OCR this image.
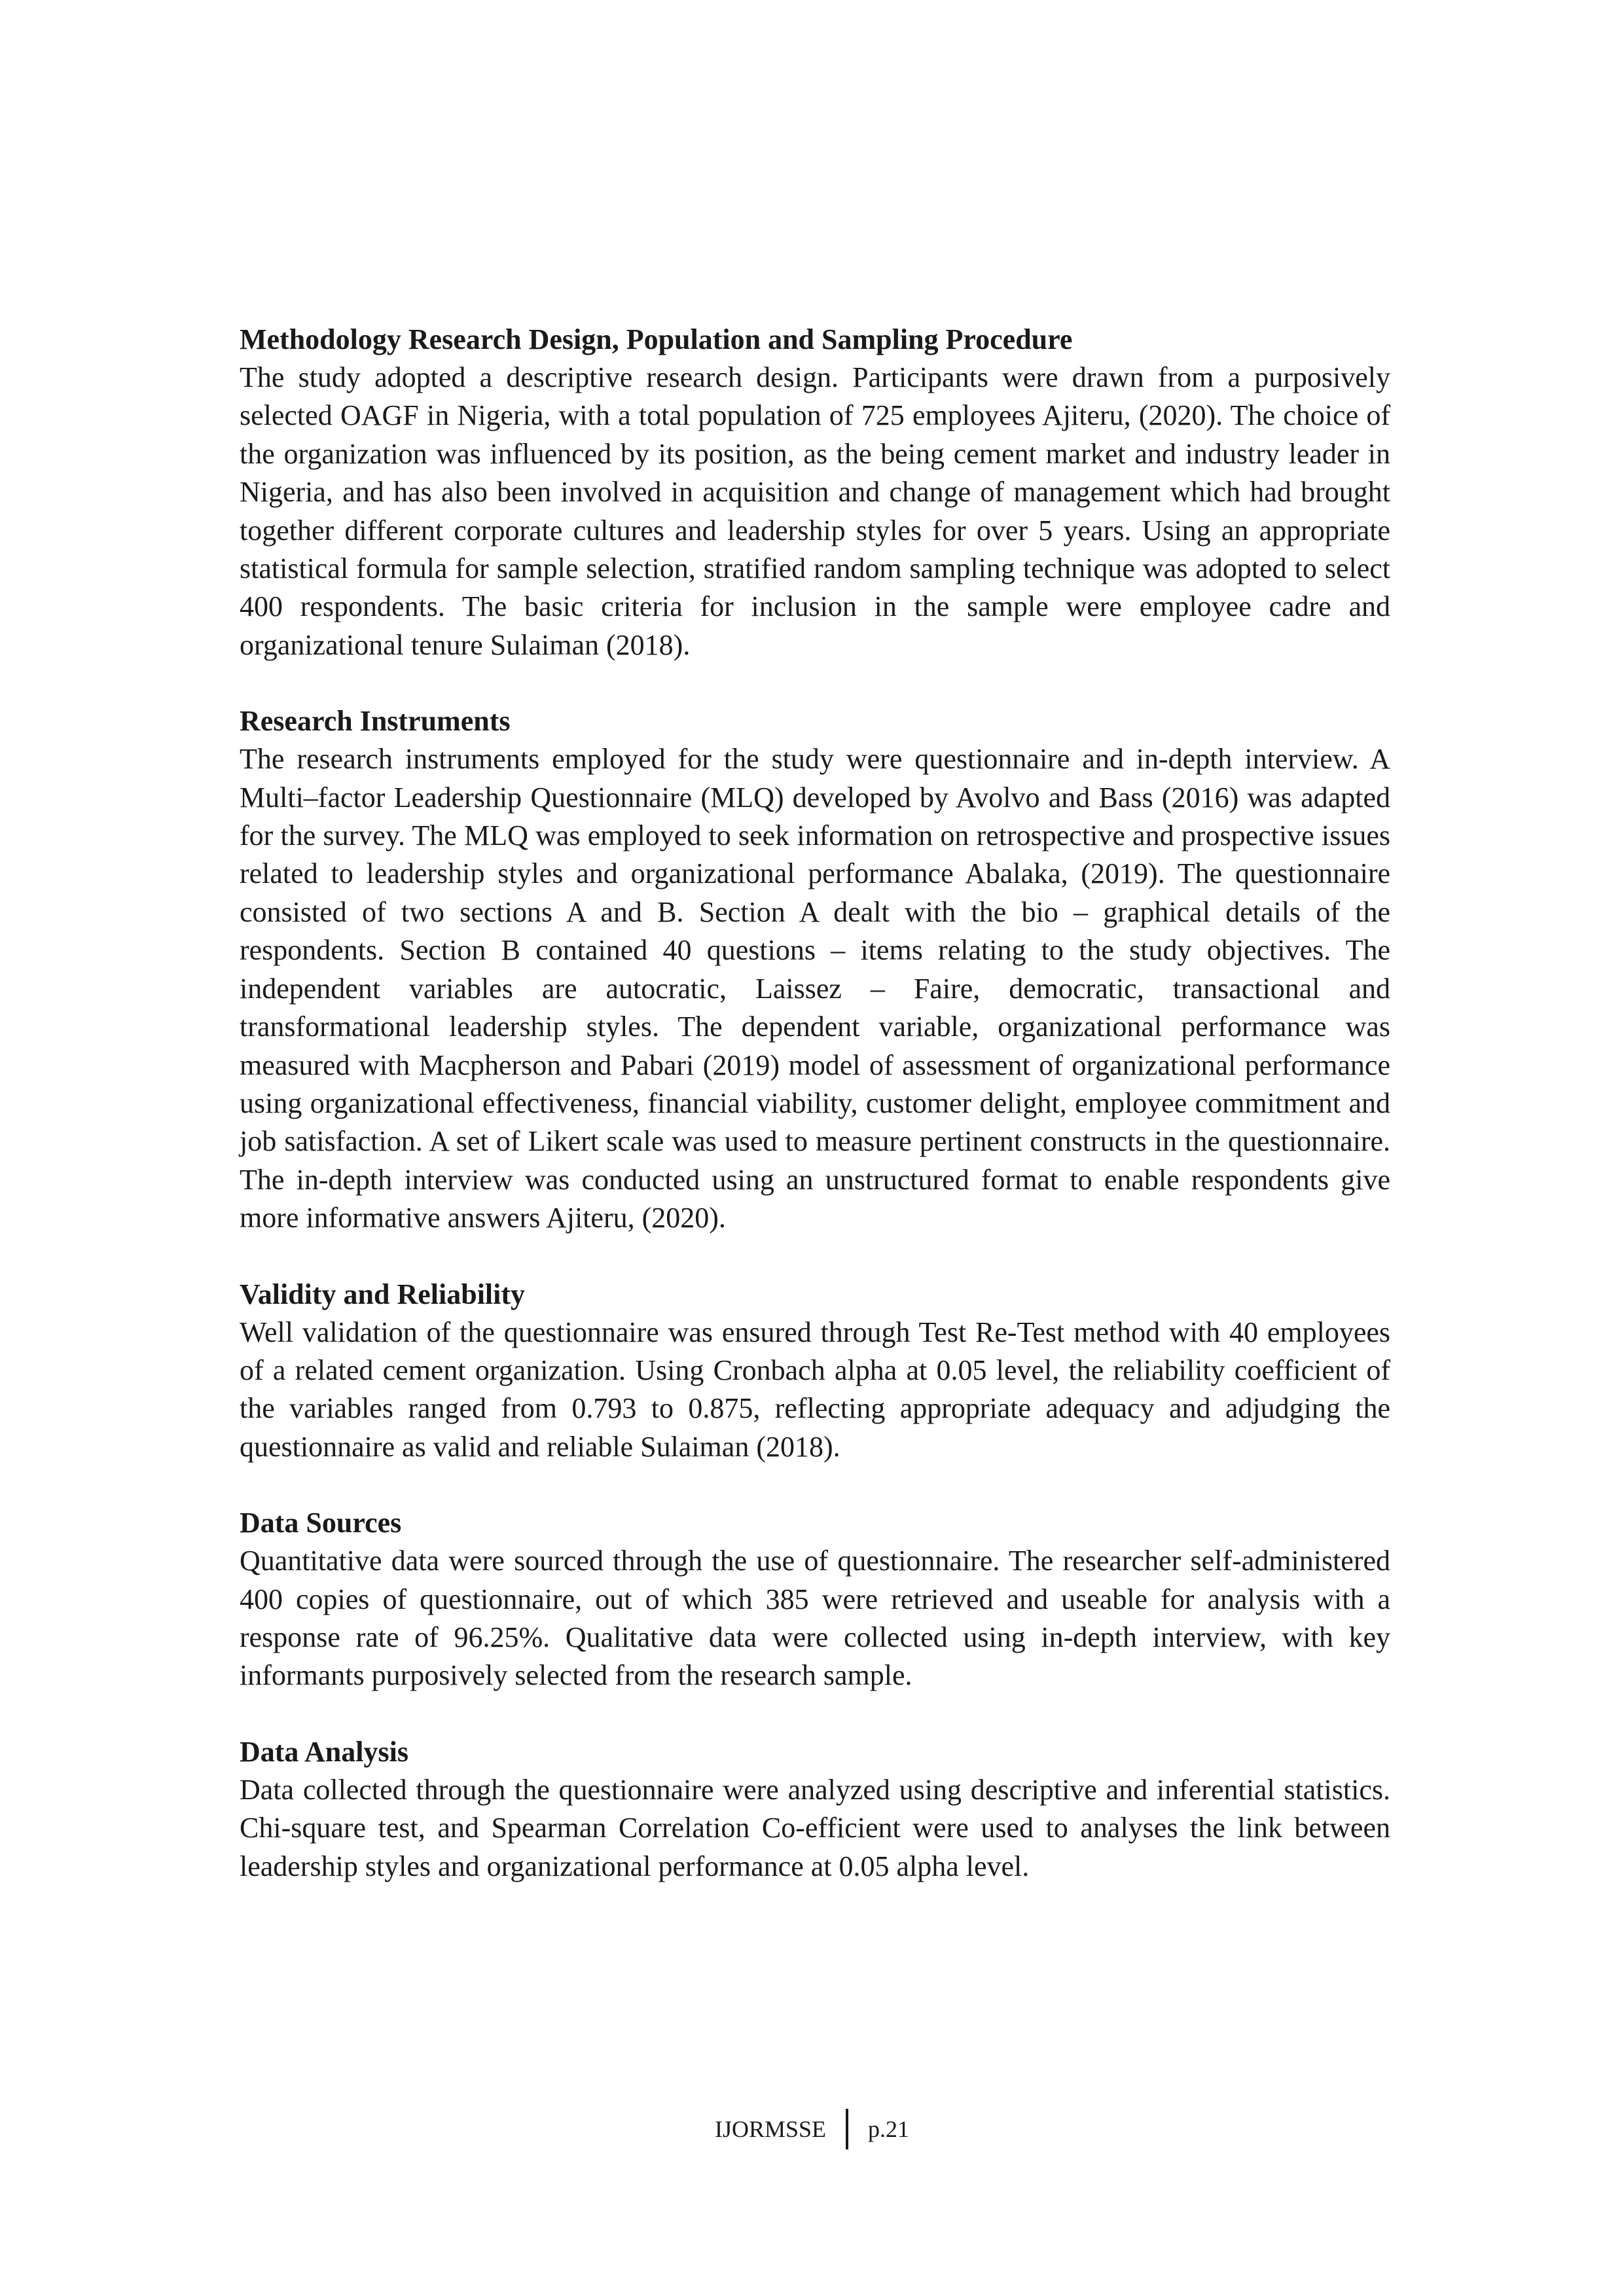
Methodology Research Design, Population and Sampling Procedure

The study adopted a descriptive research design. Participants were drawn from a purposively selected OAGF in Nigeria, with a total population of 725 employees Ajiteru, (2020). The choice of the organization was influenced by its position, as the being cement market and industry leader in Nigeria, and has also been involved in acquisition and change of management which had brought together different corporate cultures and leadership styles for over 5 years. Using an appropriate statistical formula for sample selection, stratified random sampling technique was adopted to select 400 respondents. The basic criteria for inclusion in the sample were employee cadre and organizational tenure Sulaiman (2018).

Research Instruments

The research instruments employed for the study were questionnaire and in-depth interview. A Multi–factor Leadership Questionnaire (MLQ) developed by Avolvo and Bass (2016) was adapted for the survey. The MLQ was employed to seek information on retrospective and prospective issues related to leadership styles and organizational performance Abalaka, (2019). The questionnaire consisted of two sections A and B. Section A dealt with the bio – graphical details of the respondents. Section B contained 40 questions – items relating to the study objectives. The independent variables are autocratic, Laissez – Faire, democratic, transactional and transformational leadership styles. The dependent variable, organizational performance was measured with Macpherson and Pabari (2019) model of assessment of organizational performance using organizational effectiveness, financial viability, customer delight, employee commitment and job satisfaction. A set of Likert scale was used to measure pertinent constructs in the questionnaire. The in-depth interview was conducted using an unstructured format to enable respondents give more informative answers Ajiteru, (2020).

Validity and Reliability

Well validation of the questionnaire was ensured through Test Re-Test method with 40 employees of a related cement organization. Using Cronbach alpha at 0.05 level, the reliability coefficient of the variables ranged from 0.793 to 0.875, reflecting appropriate adequacy and adjudging the questionnaire as valid and reliable Sulaiman (2018).

Data Sources

Quantitative data were sourced through the use of questionnaire. The researcher self-administered 400 copies of questionnaire, out of which 385 were retrieved and useable for analysis with a response rate of 96.25%. Qualitative data were collected using in-depth interview, with key informants purposively selected from the research sample.

Data Analysis

Data collected through the questionnaire were analyzed using descriptive and inferential statistics. Chi-square test, and Spearman Correlation Co-efficient were used to analyses the link between leadership styles and organizational performance at 0.05 alpha level.

IJORMSSE p.21
